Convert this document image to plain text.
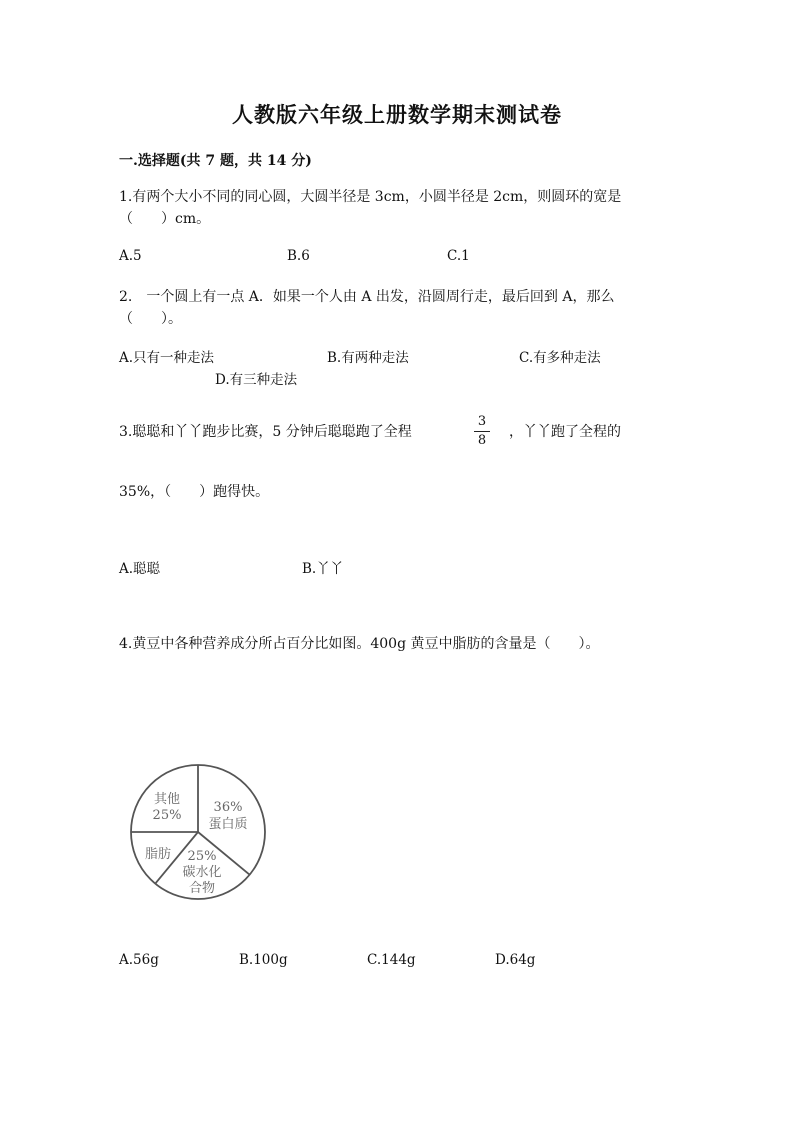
人教版六年级上册数学期末测试卷
一.选择题(共 7 题，共 14 分)
1.有两个大小不同的同心圆，大圆半径是 3cm，小圆半径是 2cm，则圆环的宽是
（　　）cm。
A.5	B.6	C.1
2.　一个圆上有一点 A．如果一个人由 A 出发，沿圆周行走，最后回到 A，那么
（　　）。
A.只有一种走法	B.有两种走法	C.有多种走法
D.有三种走法
3.聪聪和丫丫跑步比赛，5 分钟后聪聪跑了全程
3
8
，丫丫跑了全程的
35%，（　　）跑得快。
A.聪聪	B.丫丫
4.黄豆中各种营养成分所占百分比如图。400g 黄豆中脂肪的含量是（　　）。
36%
蛋白质
25%
碳水化
合物
脂肪
其他
25%
A.56g	B.100g	C.144g	D.64g
